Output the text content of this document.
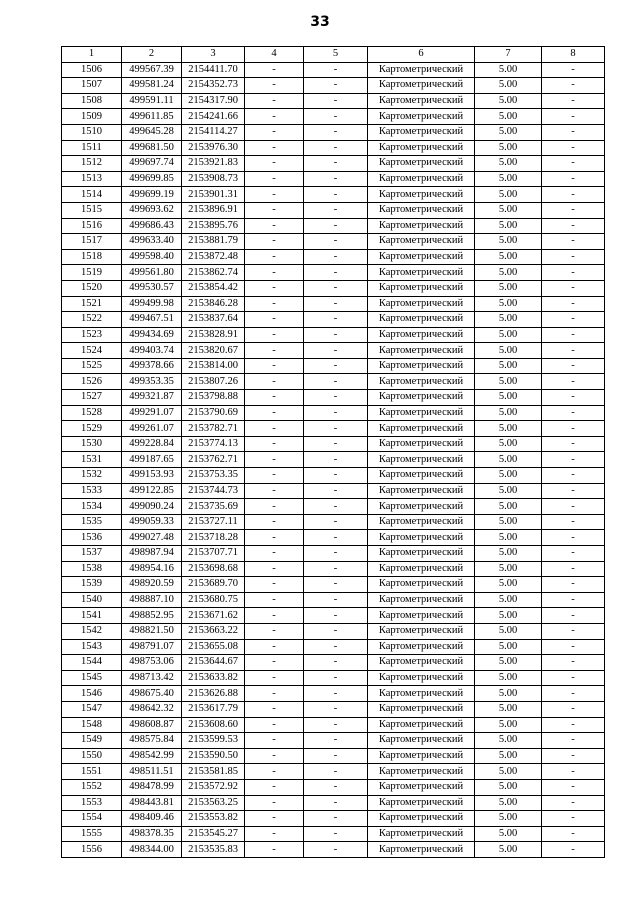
33
1	2	3	4	5	6	7	8
1506	499567.39	2154411.70	-	-	Картометрический	5.00	-
1507	499581.24	2154352.73	-	-	Картометрический	5.00	-
1508	499591.11	2154317.90	-	-	Картометрический	5.00	-
1509	499611.85	2154241.66	-	-	Картометрический	5.00	-
1510	499645.28	2154114.27	-	-	Картометрический	5.00	-
1511	499681.50	2153976.30	-	-	Картометрический	5.00	-
1512	499697.74	2153921.83	-	-	Картометрический	5.00	-
1513	499699.85	2153908.73	-	-	Картометрический	5.00	-
1514	499699.19	2153901.31	-	-	Картометрический	5.00	-
1515	499693.62	2153896.91	-	-	Картометрический	5.00	-
1516	499686.43	2153895.76	-	-	Картометрический	5.00	-
1517	499633.40	2153881.79	-	-	Картометрический	5.00	-
1518	499598.40	2153872.48	-	-	Картометрический	5.00	-
1519	499561.80	2153862.74	-	-	Картометрический	5.00	-
1520	499530.57	2153854.42	-	-	Картометрический	5.00	-
1521	499499.98	2153846.28	-	-	Картометрический	5.00	-
1522	499467.51	2153837.64	-	-	Картометрический	5.00	-
1523	499434.69	2153828.91	-	-	Картометрический	5.00	-
1524	499403.74	2153820.67	-	-	Картометрический	5.00	-
1525	499378.66	2153814.00	-	-	Картометрический	5.00	-
1526	499353.35	2153807.26	-	-	Картометрический	5.00	-
1527	499321.87	2153798.88	-	-	Картометрический	5.00	-
1528	499291.07	2153790.69	-	-	Картометрический	5.00	-
1529	499261.07	2153782.71	-	-	Картометрический	5.00	-
1530	499228.84	2153774.13	-	-	Картометрический	5.00	-
1531	499187.65	2153762.71	-	-	Картометрический	5.00	-
1532	499153.93	2153753.35	-	-	Картометрический	5.00	-
1533	499122.85	2153744.73	-	-	Картометрический	5.00	-
1534	499090.24	2153735.69	-	-	Картометрический	5.00	-
1535	499059.33	2153727.11	-	-	Картометрический	5.00	-
1536	499027.48	2153718.28	-	-	Картометрический	5.00	-
1537	498987.94	2153707.71	-	-	Картометрический	5.00	-
1538	498954.16	2153698.68	-	-	Картометрический	5.00	-
1539	498920.59	2153689.70	-	-	Картометрический	5.00	-
1540	498887.10	2153680.75	-	-	Картометрический	5.00	-
1541	498852.95	2153671.62	-	-	Картометрический	5.00	-
1542	498821.50	2153663.22	-	-	Картометрический	5.00	-
1543	498791.07	2153655.08	-	-	Картометрический	5.00	-
1544	498753.06	2153644.67	-	-	Картометрический	5.00	-
1545	498713.42	2153633.82	-	-	Картометрический	5.00	-
1546	498675.40	2153626.88	-	-	Картометрический	5.00	-
1547	498642.32	2153617.79	-	-	Картометрический	5.00	-
1548	498608.87	2153608.60	-	-	Картометрический	5.00	-
1549	498575.84	2153599.53	-	-	Картометрический	5.00	-
1550	498542.99	2153590.50	-	-	Картометрический	5.00	-
1551	498511.51	2153581.85	-	-	Картометрический	5.00	-
1552	498478.99	2153572.92	-	-	Картометрический	5.00	-
1553	498443.81	2153563.25	-	-	Картометрический	5.00	-
1554	498409.46	2153553.82	-	-	Картометрический	5.00	-
1555	498378.35	2153545.27	-	-	Картометрический	5.00	-
1556	498344.00	2153535.83	-	-	Картометрический	5.00	-
